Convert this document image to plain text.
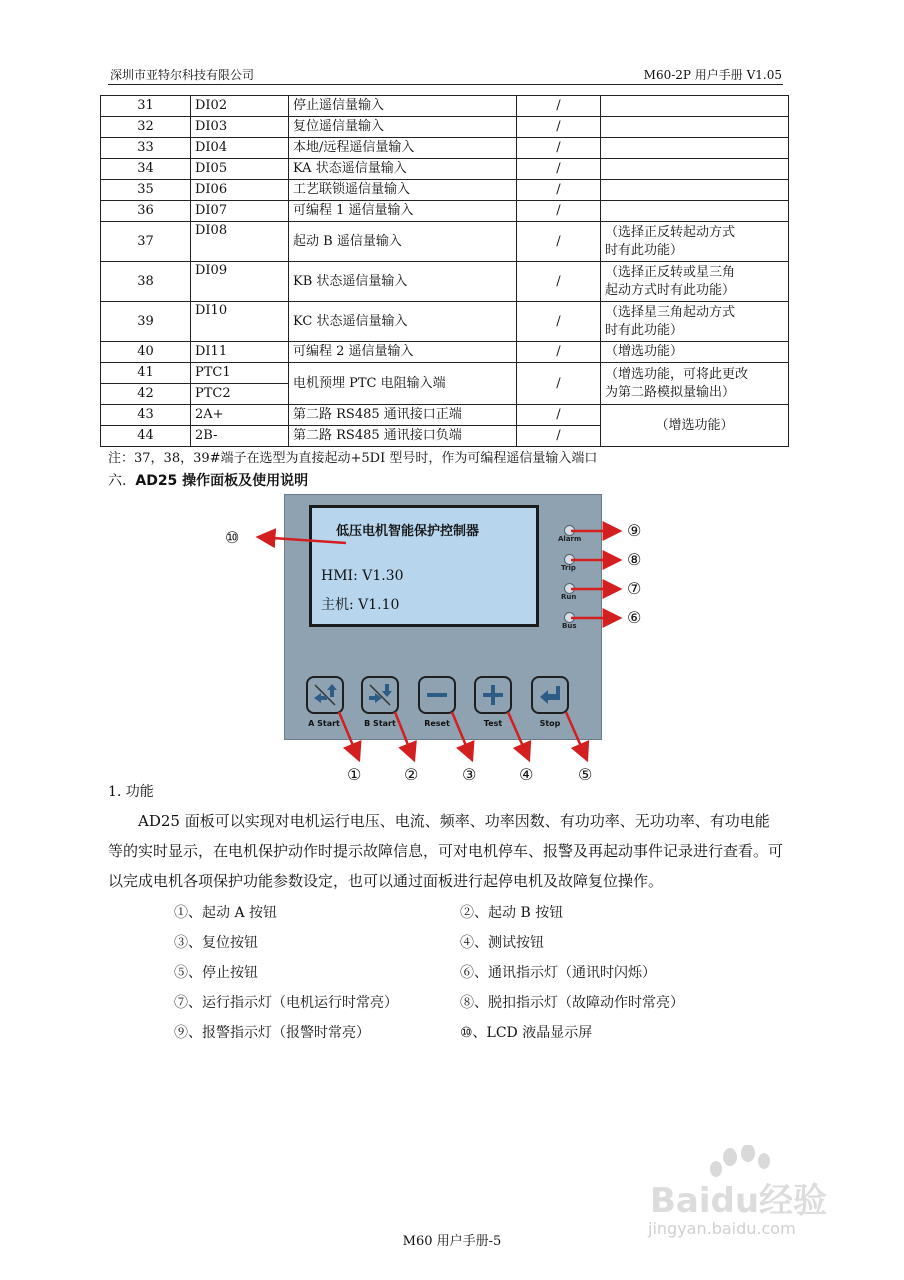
深圳市亚特尔科技有限公司	M60-2P 用户手册 V1.05
31	DI02	停止遥信量输入	/	
32	DI03	复位遥信量输入	/	
33	DI04	本地/远程遥信量输入	/	
34	DI05	KA 状态遥信量输入	/	
35	DI06	工艺联锁遥信量输入	/	
36	DI07	可编程 1 遥信量输入	/	
37	DI08	起动 B 遥信量输入	/	（选择正反转起动方式
时有此功能）

38	DI09	KB 状态遥信量输入	/	（选择正反转或星三角
起动方式时有此功能）

39	DI10	KC 状态遥信量输入	/	（选择星三角起动方式
时有此功能）

40	DI11	可编程 2 遥信量输入	/	（增选功能）
41	PTC1	电机预埋 PTC 电阻输入端	/	（增选功能，可将此更改
为第二路模拟量输出）

42	PTC2			
43	2A+	第二路 RS485 通讯接口正端	/	（增选功能）
44	2B-	第二路 RS485 通讯接口负端	/	
注：37，38，39#端子在选型为直接起动+5DI 型号时，作为可编程遥信量输入端口
六. AD25 操作面板及使用说明
低压电机智能保护控制器
HMI: V1.30
主机: V1.10
Alarm
Trip
Run
Bus
A Start	B Start	Reset	Test	Stop
①	②	③	④	⑤
⑥
⑦
⑧
⑨
⑩
1. 功能
AD25 面板可以实现对电机运行电压、电流、频率、功率因数、有功功率、无功功率、有功电能等的实时显示，在电机保护动作时提示故障信息，可对电机停车、报警及再起动事件记录进行查看。可以完成电机各项保护功能参数设定，也可以通过面板进行起停电机及故障复位操作。
①、起动 A 按钮	②、起动 B 按钮
③、复位按钮	④、测试按钮
⑤、停止按钮	⑥、通讯指示灯（通讯时闪烁）
⑦、运行指示灯（电机运行时常亮）	⑧、脱扣指示灯（故障动作时常亮）
⑨、报警指示灯（报警时常亮）	⑩、LCD 液晶显示屏
Baidu经验
jingyan.baidu.com
M60 用户手册-5
